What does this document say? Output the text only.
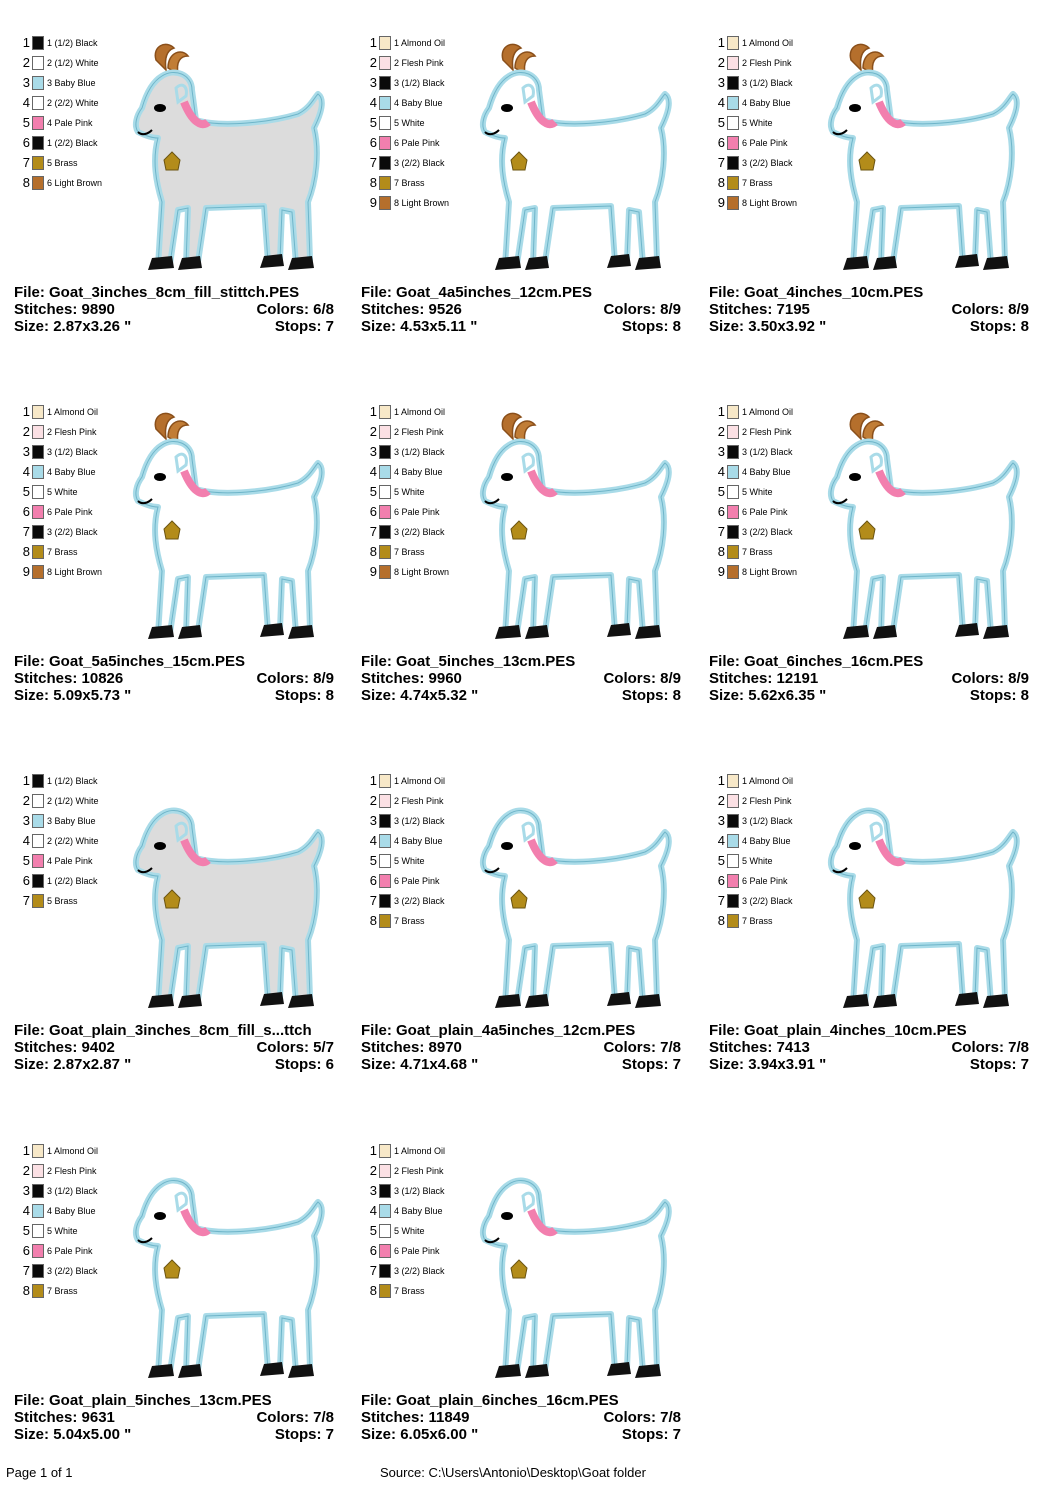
1 1 (1/2) Black
2 2 (1/2) White
3 3 Baby Blue
4 2 (2/2) White
5 4 Pale Pink
6 1 (2/2) Black
7 5 Brass
8 6 Light Brown
File: Goat_3inches_8cm_fill_stittch.PES
Stitches: 9890	Colors: 6/8
Size: 2.87x3.26 "	Stops: 7
1 1 Almond Oil
2 2 Flesh Pink
3 3 (1/2) Black
4 4 Baby Blue
5 5 White
6 6 Pale Pink
7 3 (2/2) Black
8 7 Brass
9 8 Light Brown
File: Goat_4a5inches_12cm.PES
Stitches: 9526	Colors: 8/9
Size: 4.53x5.11 "	Stops: 8
1 1 Almond Oil
2 2 Flesh Pink
3 3 (1/2) Black
4 4 Baby Blue
5 5 White
6 6 Pale Pink
7 3 (2/2) Black
8 7 Brass
9 8 Light Brown
File: Goat_4inches_10cm.PES
Stitches: 7195	Colors: 8/9
Size: 3.50x3.92 "	Stops: 8
1 1 Almond Oil
2 2 Flesh Pink
3 3 (1/2) Black
4 4 Baby Blue
5 5 White
6 6 Pale Pink
7 3 (2/2) Black
8 7 Brass
9 8 Light Brown
File: Goat_5a5inches_15cm.PES
Stitches: 10826	Colors: 8/9
Size: 5.09x5.73 "	Stops: 8
1 1 Almond Oil
2 2 Flesh Pink
3 3 (1/2) Black
4 4 Baby Blue
5 5 White
6 6 Pale Pink
7 3 (2/2) Black
8 7 Brass
9 8 Light Brown
File: Goat_5inches_13cm.PES
Stitches: 9960	Colors: 8/9
Size: 4.74x5.32 "	Stops: 8
1 1 Almond Oil
2 2 Flesh Pink
3 3 (1/2) Black
4 4 Baby Blue
5 5 White
6 6 Pale Pink
7 3 (2/2) Black
8 7 Brass
9 8 Light Brown
File: Goat_6inches_16cm.PES
Stitches: 12191	Colors: 8/9
Size: 5.62x6.35 "	Stops: 8
1 1 (1/2) Black
2 2 (1/2) White
3 3 Baby Blue
4 2 (2/2) White
5 4 Pale Pink
6 1 (2/2) Black
7 5 Brass
File: Goat_plain_3inches_8cm_fill_s...ttch
Stitches: 9402	Colors: 5/7
Size: 2.87x2.87 "	Stops: 6
1 1 Almond Oil
2 2 Flesh Pink
3 3 (1/2) Black
4 4 Baby Blue
5 5 White
6 6 Pale Pink
7 3 (2/2) Black
8 7 Brass
File: Goat_plain_4a5inches_12cm.PES
Stitches: 8970	Colors: 7/8
Size: 4.71x4.68 "	Stops: 7
1 1 Almond Oil
2 2 Flesh Pink
3 3 (1/2) Black
4 4 Baby Blue
5 5 White
6 6 Pale Pink
7 3 (2/2) Black
8 7 Brass
File: Goat_plain_4inches_10cm.PES
Stitches: 7413	Colors: 7/8
Size: 3.94x3.91 "	Stops: 7
1 1 Almond Oil
2 2 Flesh Pink
3 3 (1/2) Black
4 4 Baby Blue
5 5 White
6 6 Pale Pink
7 3 (2/2) Black
8 7 Brass
File: Goat_plain_5inches_13cm.PES
Stitches: 9631	Colors: 7/8
Size: 5.04x5.00 "	Stops: 7
1 1 Almond Oil
2 2 Flesh Pink
3 3 (1/2) Black
4 4 Baby Blue
5 5 White
6 6 Pale Pink
7 3 (2/2) Black
8 7 Brass
File: Goat_plain_6inches_16cm.PES
Stitches: 11849	Colors: 7/8
Size: 6.05x6.00 "	Stops: 7
Page 1 of 1	Source: C:\Users\Antonio\Desktop\Goat folder
